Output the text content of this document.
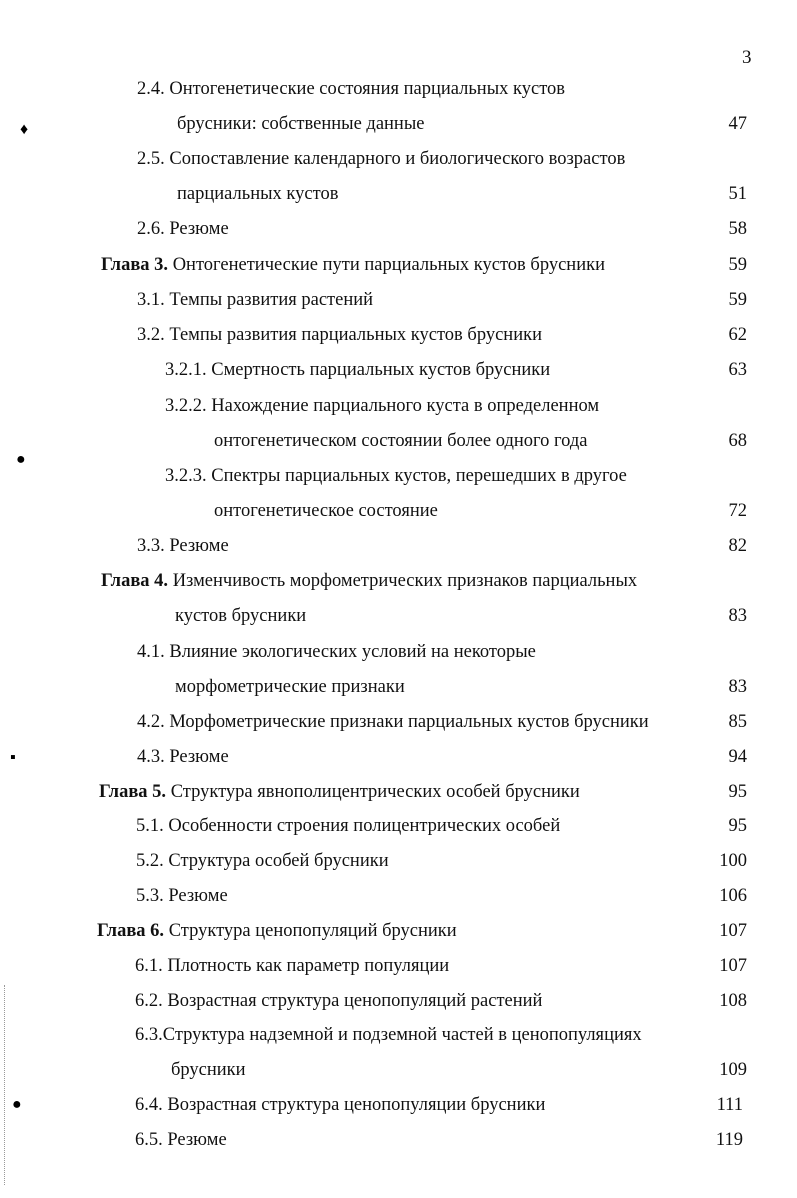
3
2.4. Онтогенетические состояния парциальных кустов
брусники: собственные данные	47
2.5. Сопоставление календарного и биологического возрастов
парциальных кустов	51
2.6. Резюме	58
Глава 3. Онтогенетические пути парциальных кустов брусники	59
3.1. Темпы развития растений	59
3.2. Темпы развития парциальных кустов брусники	62
3.2.1. Смертность парциальных кустов брусники	63
3.2.2. Нахождение парциального куста в определенном
онтогенетическом состоянии более одного года	68
3.2.3. Спектры парциальных кустов, перешедших в другое
онтогенетическое состояние	72
3.3. Резюме	82
Глава 4. Изменчивость морфометрических признаков парциальных
кустов брусники	83
4.1. Влияние экологических условий на некоторые
морфометрические признаки	83
4.2. Морфометрические признаки парциальных кустов брусники	85
4.3. Резюме	94
Глава 5. Структура явнополицентрических особей брусники	95
5.1. Особенности строения полицентрических особей	95
5.2. Структура особей брусники	100
5.3. Резюме	106
Глава 6. Структура ценопопуляций брусники	107
6.1. Плотность как параметр популяции	107
6.2. Возрастная структура ценопопуляций растений	108
6.3.Структура надземной и подземной частей в ценопопуляциях
брусники	109
6.4. Возрастная структура ценопопуляции брусники	111
6.5. Резюме	119
♦
●
▪
●
